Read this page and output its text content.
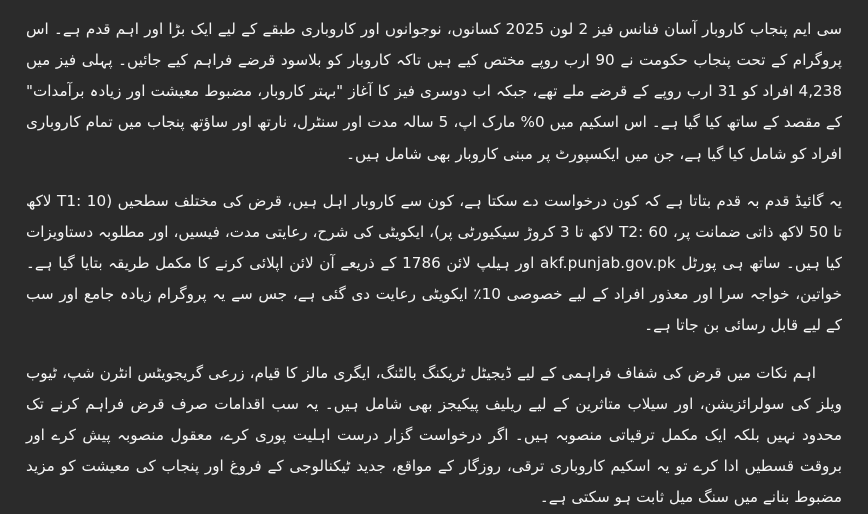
سی ایم پنجاب کاروبار آسان فنانس فیز 2 لون 2025 کسانوں، نوجوانوں اور کاروباری طبقے کے لیے ایک بڑا اور اہم قدم ہے۔ اس پروگرام کے تحت پنجاب حکومت نے 90 ارب روپے مختص کیے ہیں تاکہ کاروبار کو بلاسود قرضے فراہم کیے جائیں۔ پہلی فیز میں 4,238 افراد کو 31 ارب روپے کے قرضے ملے تھے، جبکہ اب دوسری فیز کا آغاز "بہتر کاروبار، مضبوط معیشت اور زیادہ برآمدات" کے مقصد کے ساتھ کیا گیا ہے۔ اس اسکیم میں 0% مارک اپ، 5 سالہ مدت اور سنٹرل، نارتھ اور ساؤتھ پنجاب میں تمام کاروباری افراد کو شامل کیا گیا ہے، جن میں ایکسپورٹ پر مبنی کاروبار بھی شامل ہیں۔

یہ گائیڈ قدم بہ قدم بتاتا ہے کہ کون درخواست دے سکتا ہے، کون سے کاروبار اہل ہیں، قرض کی مختلف سطحیں (T1: 10 لاکھ تا 50 لاکھ ذاتی ضمانت پر، T2: 60 لاکھ تا 3 کروڑ سیکیورٹی پر)، ایکویٹی کی شرح، رعایتی مدت، فیسیں، اور مطلوبہ دستاویزات کیا ہیں۔ ساتھ ہی پورٹل akf.punjab.gov.pk اور ہیلپ لائن 1786 کے ذریعے آن لائن اپلائی کرنے کا مکمل طریقہ بتایا گیا ہے۔ خواتین، خواجہ سرا اور معذور افراد کے لیے خصوصی 10٪ ایکویٹی رعایت دی گئی ہے، جس سے یہ پروگرام زیادہ جامع اور سب کے لیے قابل رسائی بن جاتا ہے۔

اہم نکات میں قرض کی شفاف فراہمی کے لیے ڈیجیٹل ٹریکنگ بالٹنگ، ایگری مالز کا قیام، زرعی گریجویٹس انٹرن شپ، ٹیوب ویلز کی سولرائزیشن، اور سیلاب متاثرین کے لیے ریلیف پیکیجز بھی شامل ہیں۔ یہ سب اقدامات صرف قرض فراہم کرنے تک محدود نہیں بلکہ ایک مکمل ترقیاتی منصوبہ ہیں۔ اگر درخواست گزار درست اہلیت پوری کرے، معقول منصوبہ پیش کرے اور بروقت قسطیں ادا کرے تو یہ اسکیم کاروباری ترقی، روزگار کے مواقع، جدید ٹیکنالوجی کے فروغ اور پنجاب کی معیشت کو مزید مضبوط بنانے میں سنگ میل ثابت ہو سکتی ہے۔
